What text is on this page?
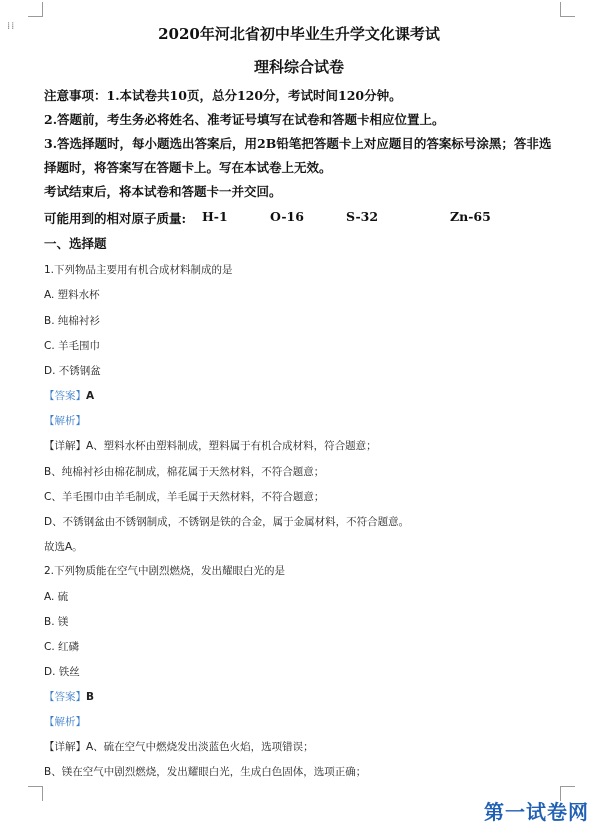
⁞⁞	2020年河北省初中毕业生升学文化课考试
理科综合试卷
注意事项：1.本试卷共10页，总分120分，考试时间120分钟。
2.答题前，考生务必将姓名、准考证号填写在试卷和答题卡相应位置上。
3.答选择题时，每小题选出答案后，用2B铅笔把答题卡上对应题目的答案标号涂黑；答非选
择题时，将答案写在答题卡上。写在本试卷上无效。
考试结束后，将本试卷和答题卡一并交回。
可能用到的相对原子质量: H-1	O-16	S-32	Zn-65
一、选择题
1.下列物品主要用有机合成材料制成的是
A. 塑料水杯
B. 纯棉衬衫
C. 羊毛围巾
D. 不锈钢盆
【答案】A
【解析】
【详解】A、塑料水杯由塑料制成，塑料属于有机合成材料，符合题意；
B、纯棉衬衫由棉花制成，棉花属于天然材料，不符合题意；
C、羊毛围巾由羊毛制成，羊毛属于天然材料，不符合题意；
D、不锈钢盆由不锈钢制成，不锈钢是铁的合金，属于金属材料，不符合题意。
故选A。
2.下列物质能在空气中剧烈燃烧，发出耀眼白光的是
A. 硫
B. 镁
C. 红磷
D. 铁丝
【答案】B
【解析】
【详解】A、硫在空气中燃烧发出淡蓝色火焰，选项错误；
B、镁在空气中剧烈燃烧，发出耀眼白光，生成白色固体，选项正确；
第一试卷网
